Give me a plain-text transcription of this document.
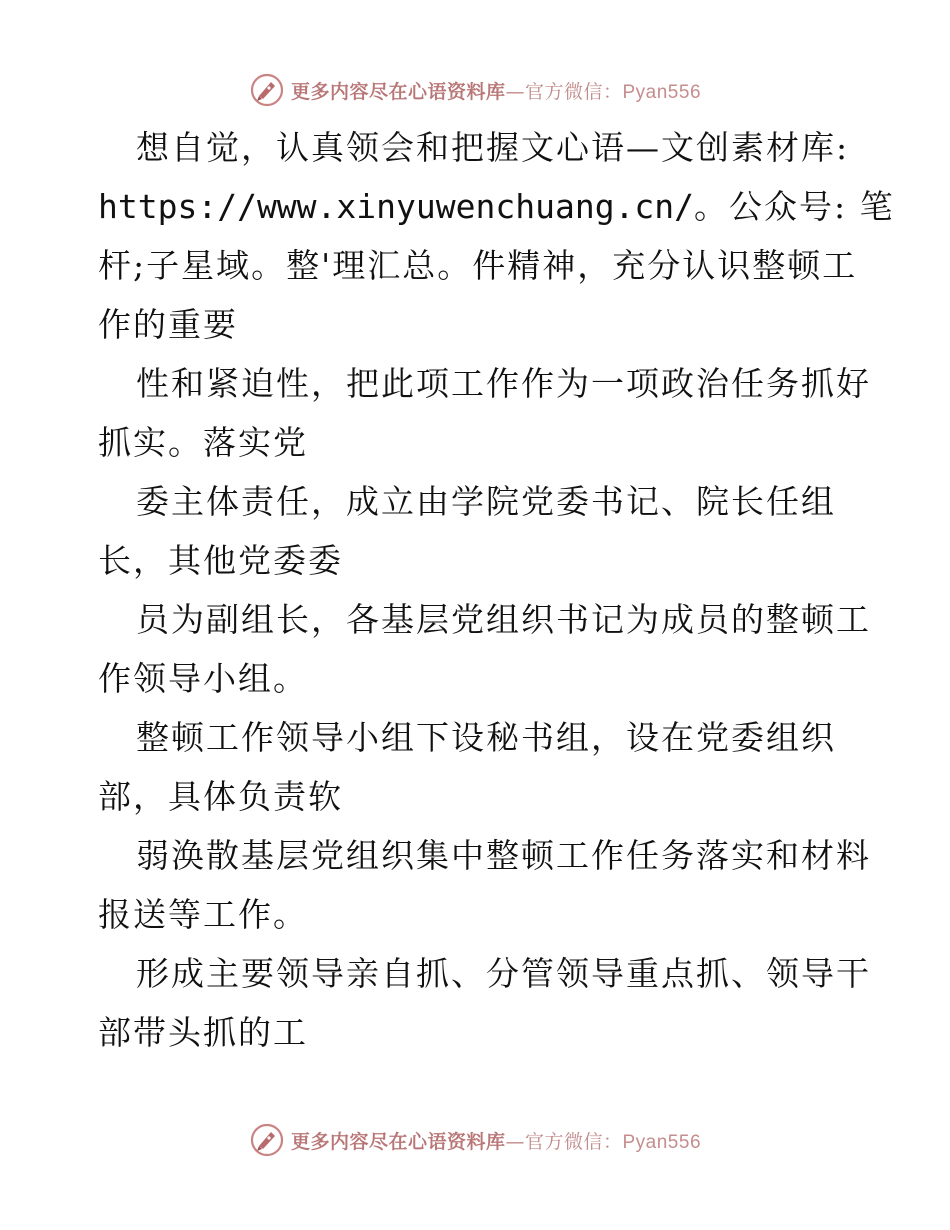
更多内容尽在心语资料库—官方微信：Pyan556
想自觉，认真领会和把握文心语—文创素材库:
https://www.xinyuwenchuang.cn/。公众号: 笔
杆;子星域。整'理汇总。件精神，充分认识整顿工
作的重要
性和紧迫性，把此项工作作为一项政治任务抓好
抓实。落实党
委主体责任，成立由学院党委书记、院长任组
长，其他党委委
员为副组长，各基层党组织书记为成员的整顿工
作领导小组。
整顿工作领导小组下设秘书组，设在党委组织
部，具体负责软
弱涣散基层党组织集中整顿工作任务落实和材料
报送等工作。
形成主要领导亲自抓、分管领导重点抓、领导干
部带头抓的工
更多内容尽在心语资料库—官方微信：Pyan556
